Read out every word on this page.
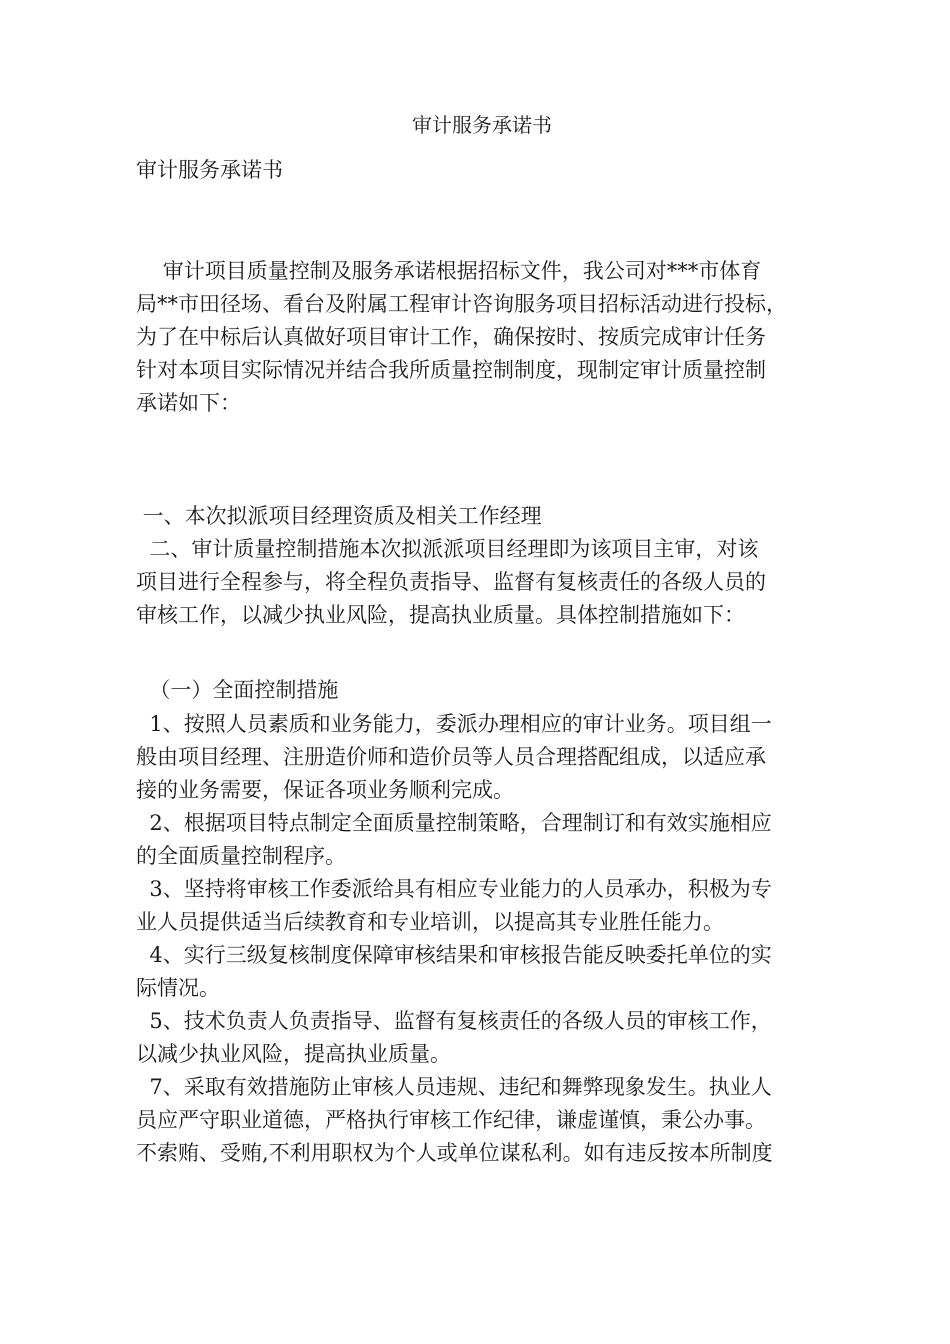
审计服务承诺书
审计服务承诺书
审计项目质量控制及服务承诺根据招标文件，我公司对***市体育
局**市田径场、看台及附属工程审计咨询服务项目招标活动进行投标，
为了在中标后认真做好项目审计工作，确保按时、按质完成审计任务
针对本项目实际情况并结合我所质量控制制度，现制定审计质量控制
承诺如下：
一、本次拟派项目经理资质及相关工作经理
二、审计质量控制措施本次拟派派项目经理即为该项目主审，对该
项目进行全程参与，将全程负责指导、监督有复核责任的各级人员的
审核工作，以减少执业风险，提高执业质量。具体控制措施如下：
（一）全面控制措施
1、按照人员素质和业务能力，委派办理相应的审计业务。项目组一
般由项目经理、注册造价师和造价员等人员合理搭配组成，以适应承
接的业务需要，保证各项业务顺利完成。
2、根据项目特点制定全面质量控制策略，合理制订和有效实施相应
的全面质量控制程序。
3、坚持将审核工作委派给具有相应专业能力的人员承办，积极为专
业人员提供适当后续教育和专业培训，以提高其专业胜任能力。
4、实行三级复核制度保障审核结果和审核报告能反映委托单位的实
际情况。
5、技术负责人负责指导、监督有复核责任的各级人员的审核工作，
以减少执业风险，提高执业质量。
7、采取有效措施防止审核人员违规、违纪和舞弊现象发生。执业人
员应严守职业道德，严格执行审核工作纪律，谦虚谨慎，秉公办事。
不索贿、受贿,不利用职权为个人或单位谋私利。如有违反按本所制度
